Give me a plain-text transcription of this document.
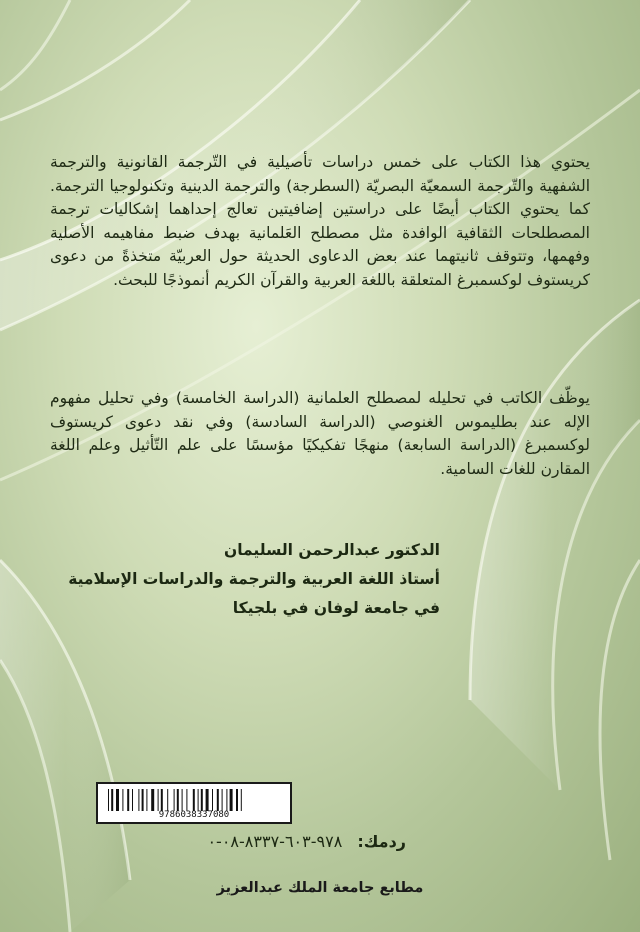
يحتوي هذا الكتاب على خمس دراسات تأصيلية في التّرجمة القانونية والترجمة الشفهية والتّرجمة السمعيّة البصريّة (السطرجة) والترجمة الدينية وتكنولوجيا الترجمة. كما يحتوي الكتاب أيضًا على دراستين إضافيتين تعالج إحداهما إشكاليات ترجمة المصطلحات الثقافية الوافدة مثل مصطلح العَلمانية بهدف ضبط مفاهيمه الأصلية وفهمها، وتتوقف ثانيتهما عند بعض الدعاوى الحديثة حول العربيّة متخذةً من دعوى كريستوف لوكسمبرغ المتعلقة باللغة العربية والقرآن الكريم أنموذجًا للبحث.
يوظّف الكاتب في تحليله لمصطلح العلمانية (الدراسة الخامسة) وفي تحليل مفهوم الإله عند بطليموس الغنوصي (الدراسة السادسة) وفي نقد دعوى كريستوف لوكسمبرغ (الدراسة السابعة) منهجًا تفكيكيًا مؤسسًا على علم التّأثيل وعلم اللغة المقارن للغات السامية.
الدكتور عبدالرحمن السليمان
أستاذ اللغة العربية والترجمة والدراسات الإسلامية
في جامعة لوفان في بلجيكا
9786038337080
ردمك: ٩٧٨-٦٠٣-٨٣٣٧-٠٨-٠
مطابع جامعة الملك عبدالعزيز
